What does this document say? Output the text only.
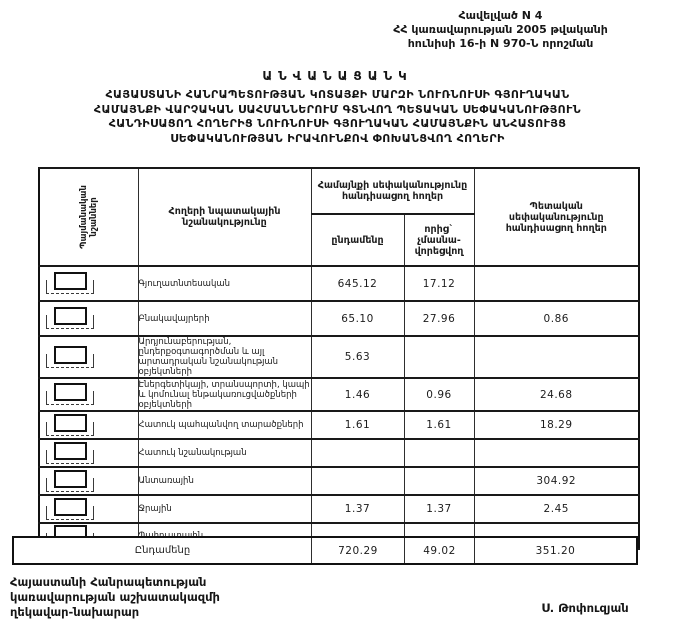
Հավելված N 4
ՀՀ կառավարության 2005 թվականի
հունիսի 16-ի N 970-Ն որոշման
ԱՆՎԱՆԱՑԱՆԿ
ՀԱՅԱՍՏԱՆԻ ՀԱՆՐԱՊԵՏՈՒԹՅԱՆ ԿՈՏԱՅՔԻ ՄԱՐԶԻ ՆՈՒՌՆՈՒՍԻ ԳՅՈՒՂԱԿԱՆ
ՀԱՄԱՅՆՔԻ ՎԱՐՉԱԿԱՆ ՍԱՀՄԱՆՆԵՐՈՒՄ ԳՏՆՎՈՂ ՊԵՏԱԿԱՆ ՍԵՓԱԿԱՆՈՒԹՅՈՒՆ
ՀԱՆԴԻՍԱՑՈՂ ՀՈՂԵՐԻՑ ՆՈՒՌՆՈՒՍԻ ԳՅՈՒՂԱԿԱՆ ՀԱՄԱՅՆՔԻՆ ԱՆՀԱՏՈՒՅՑ
ՍԵՓԱԿԱՆՈՒԹՅԱՆ ԻՐԱՎՈՒՆՔՈՎ ՓՈԽԱՆՑՎՈՂ ՀՈՂԵՐԻ
Պայմանական
նշաններ	Հողերի նպատակային նշանակությունը	Համայնքի սեփականությունը
հանդիսացող հողեր		Պետական
սեփականությունը
հանդիսացող հողեր
		ընդամենը	որից`
չմասնա-
վորեցվող	

	Գյուղատնտեսական	645.12	17.12	

	Բնակավայրերի	65.10	27.96	0.86

	Արդյունաբերության, ընդերքօգտագործման և այլ արտադրական նշանակության օբյեկտների	5.63		

	Էներգետիկայի, տրանսպորտի, կապի և կոմունալ ենթակառուցվածքների օբյեկտների	1.46	0.96	24.68

	Հատուկ պահպանվող տարածքների	1.61	1.61	18.29

	Հատուկ նշանակության			

	Անտառային			304.92

	Ջրային	1.37	1.37	2.45

Ընդամենը	720.29	49.02	351.20
Հայաստանի Հանրապետության
կառավարության աշխատակազմի
ղեկավար-նախարար	Ս. Թոփուզյան
